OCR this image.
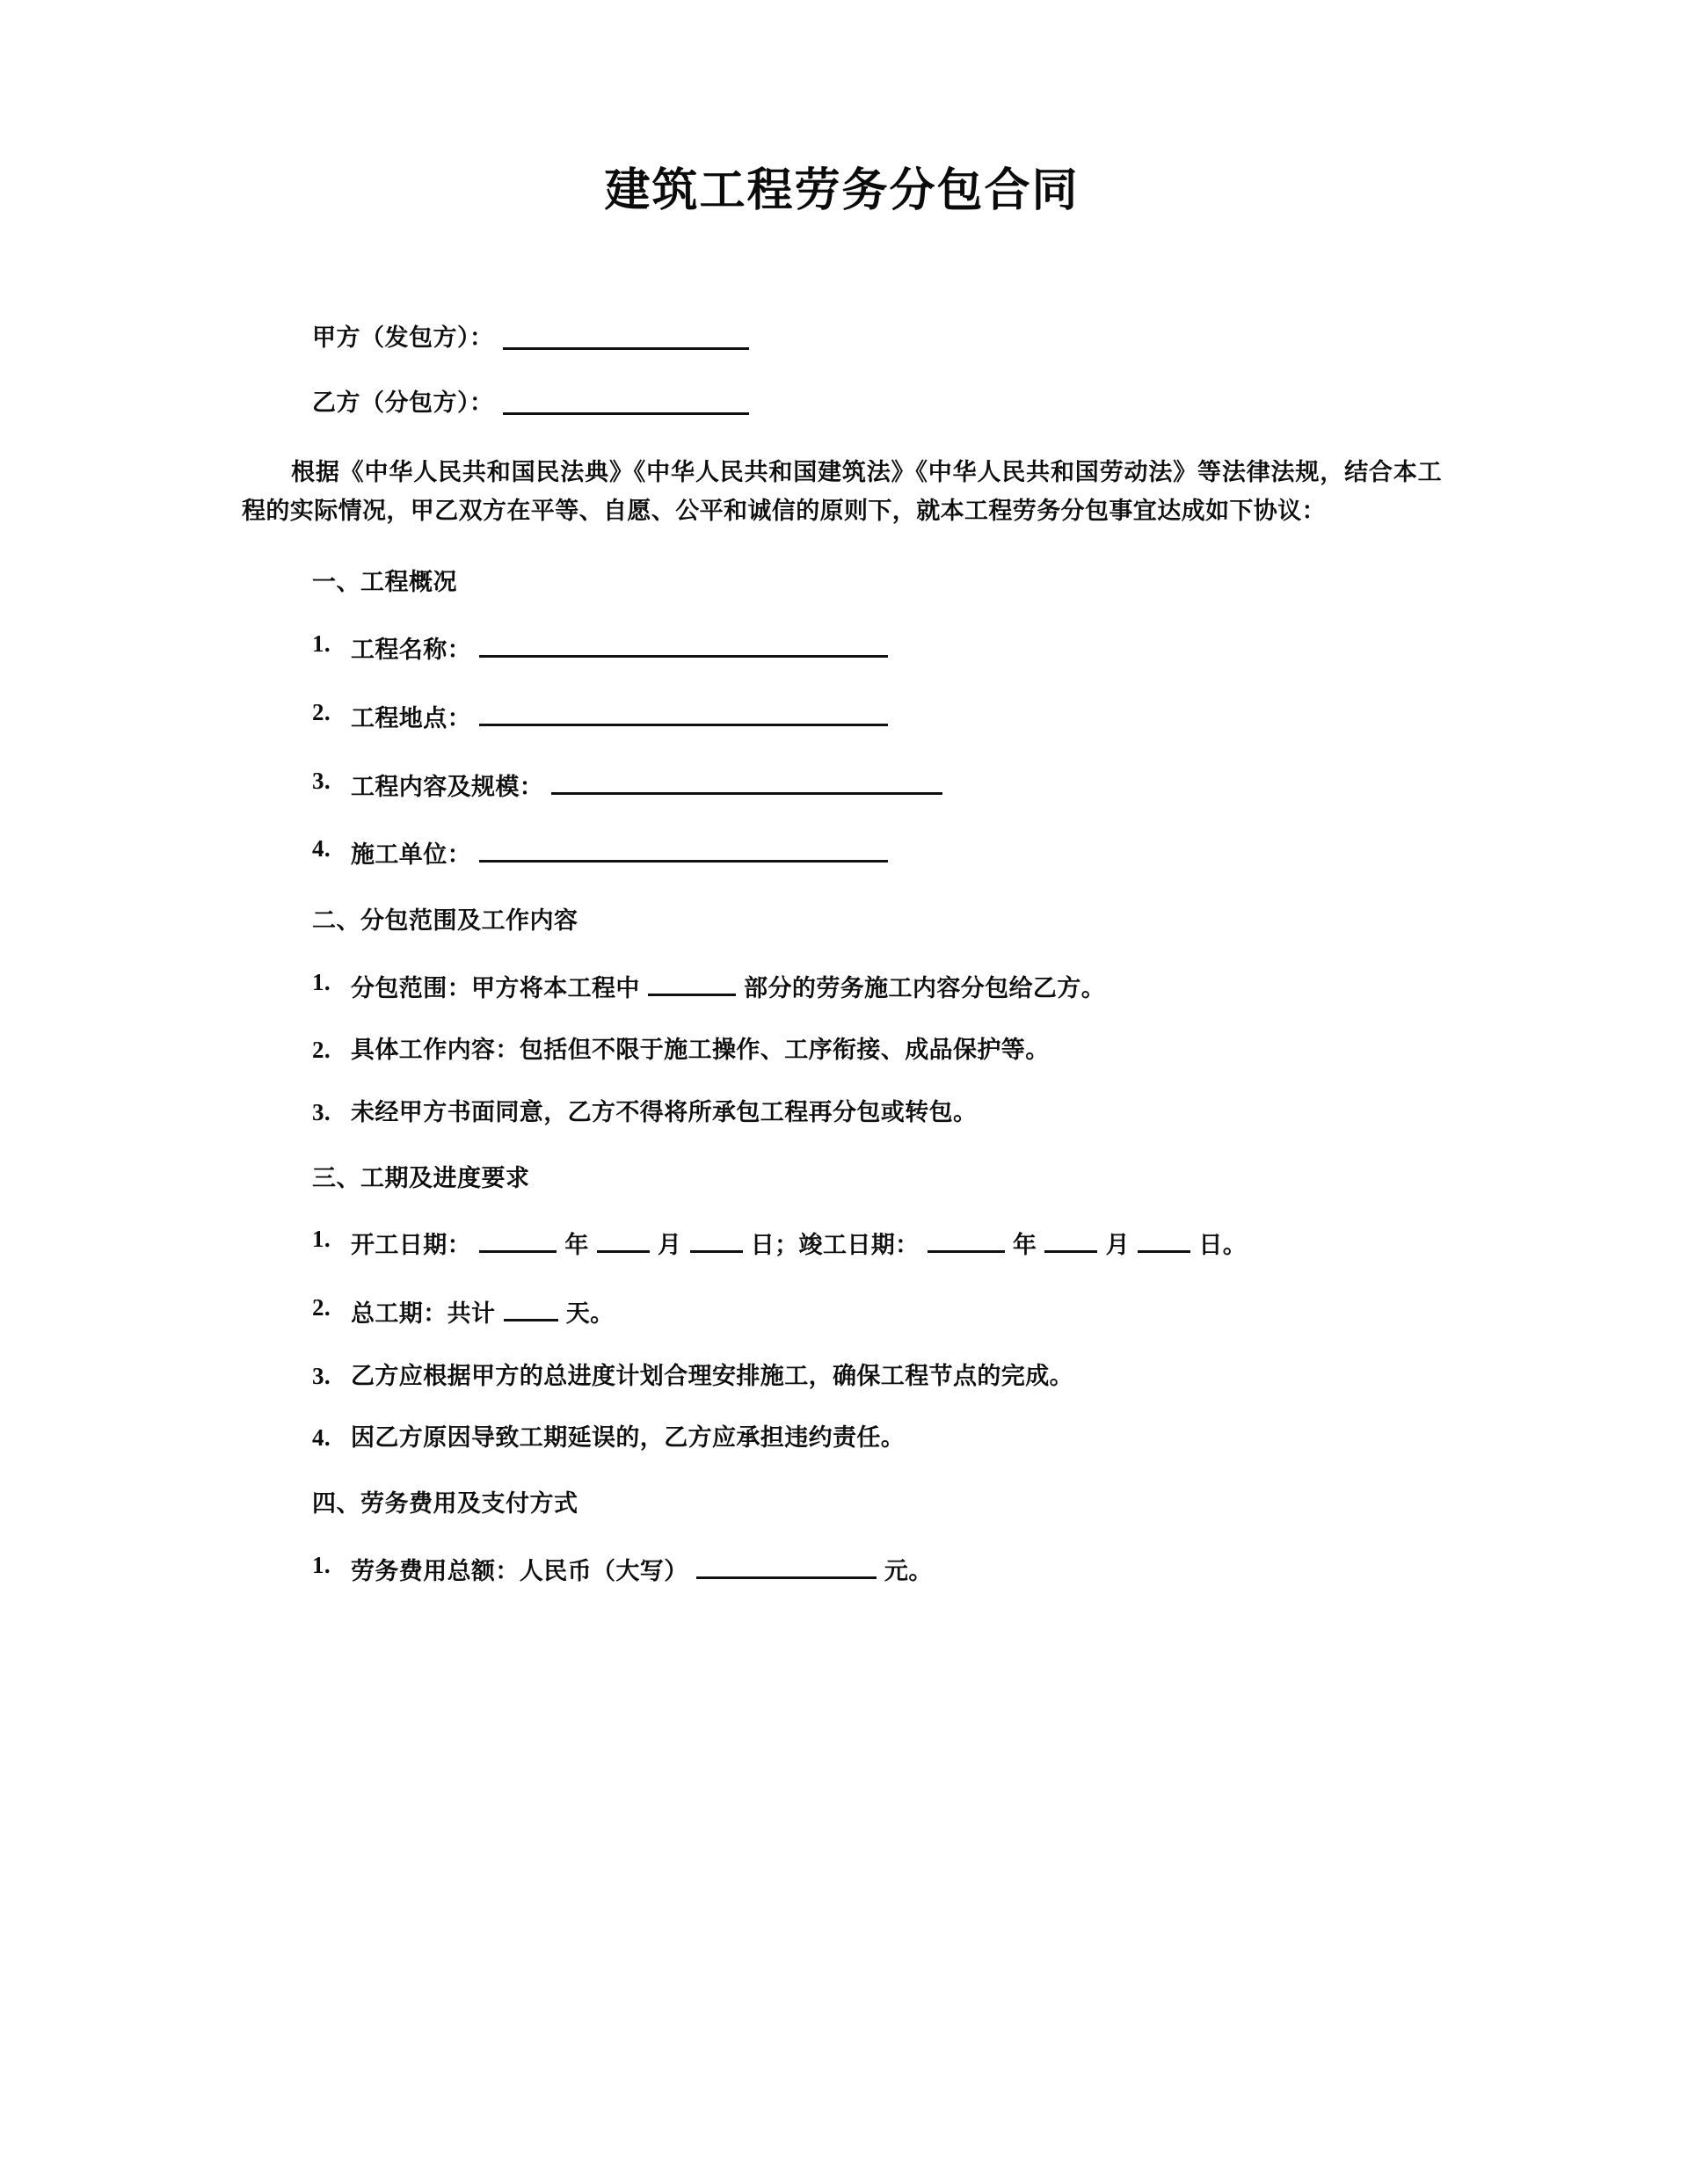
建筑工程劳务分包合同
甲方（发包方）：
乙方（分包方）：

根据《中华人民共和国民法典》《中华人民共和国建筑法》《中华人民共和国劳动法》等法律法规，结合本工程的实际情况，甲乙双方在平等、自愿、公平和诚信的原则下，就本工程劳务分包事宜达成如下协议：

一、工程概况
1. 工程名称：
2. 工程地点：
3. 工程内容及规模：
4. 施工单位：
二、分包范围及工作内容
1. 分包范围：甲方将本工程中	部分的劳务施工内容分包给乙方。
2. 具体工作内容：包括但不限于施工操作、工序衔接、成品保护等。
3. 未经甲方书面同意，乙方不得将所承包工程再分包或转包。
三、工期及进度要求
1. 开工日期：	年	月	日；竣工日期：	年	月	日。
2. 总工期：共计	天。
3. 乙方应根据甲方的总进度计划合理安排施工，确保工程节点的完成。
4. 因乙方原因导致工期延误的，乙方应承担违约责任。
四、劳务费用及支付方式
1. 劳务费用总额：人民币（大写）	元。
